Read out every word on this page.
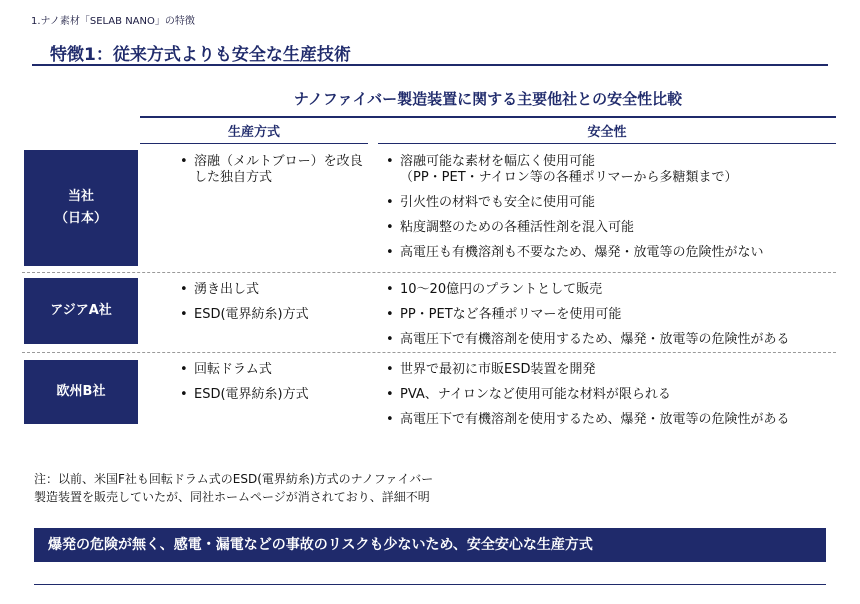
1.ナノ素材「SELAB NANO」の特徴
特徴1：従来方式よりも安全な生産技術
ナノファイバー製造装置に関する主要他社との安全性比較
生産方式	安全性
当社
（日本）
• 溶融（メルトブロー）を改良した独自方式
• 溶融可能な素材を幅広く使用可能
（PP・PET・ナイロン等の各種ポリマーから多糖類まで）
• 引火性の材料でも安全に使用可能
• 粘度調整のための各種活性剤を混入可能
• 高電圧も有機溶剤も不要なため、爆発・放電等の危険性がない
アジアA社
• 湧き出し式
• ESD(電界紡糸)方式
• 10～20億円のプラントとして販売
• PP・PETなど各種ポリマーを使用可能
• 高電圧下で有機溶剤を使用するため、爆発・放電等の危険性がある
欧州B社
• 回転ドラム式
• ESD(電界紡糸)方式
• 世界で最初に市販ESD装置を開発
• PVA、ナイロンなど使用可能な材料が限られる
• 高電圧下で有機溶剤を使用するため、爆発・放電等の危険性がある
注：以前、米国F社も回転ドラム式のESD(電界紡糸)方式のナノファイバー
製造装置を販売していたが、同社ホームページが消されており、詳細不明
爆発の危険が無く、感電・漏電などの事故のリスクも少ないため、安全安心な生産方式
